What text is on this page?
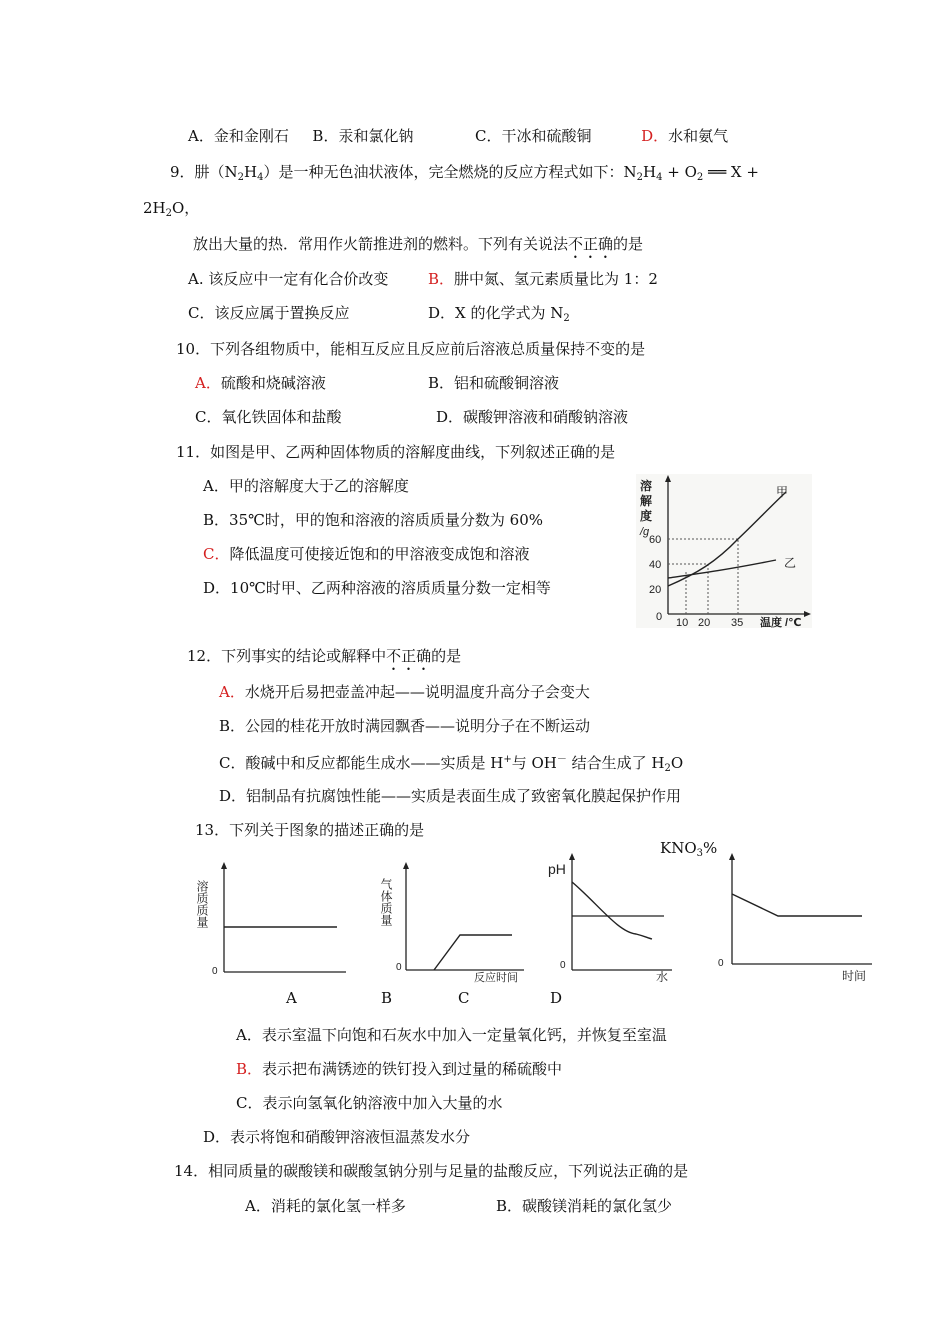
A．金和金刚石 B．汞和氯化钠	C．干冰和硫酸铜	D．水和氨气
9．肼$(N_2H_4)$是一种无色油状液体，完全燃烧的反应方程式如下：$N_2H_4 + O_2$ ══ X +
$2H_2O$，
放出大量的热．常用作火箭推进剂的燃料。下列有关说法不正确的是
A. 该反应中一定有化合价改变	B．肼中氮、氢元素质量比为 1：2
C．该反应属于置换反应	D．X 的化学式为 $N_2$
10．下列各组物质中，能相互反应且反应前后溶液总质量保持不变的是
A．硫酸和烧碱溶液	B．铝和硫酸铜溶液
C．氧化铁固体和盐酸	D．碳酸钾溶液和硝酸钠溶液
11．如图是甲、乙两种固体物质的溶解度曲线，下列叙述正确的是
A．甲的溶解度大于乙的溶解度
B．35℃时，甲的饱和溶液的溶质质量分数为 60%
C．降低温度可使接近饱和的甲溶液变成饱和溶液
D．10℃时甲、乙两种溶液的溶质质量分数一定相等
溶
解
度
/g
60
40
20
0 10 20 35 温度 /℃
甲
乙
12．下列事实的结论或解释中不正确的是
A．水烧开后易把壶盖冲起——说明温度升高分子会变大
B．公园的桂花开放时满园飘香——说明分子在不断运动
C．酸碱中和反应都能生成水——实质是 H+与 OH－ 结合生成了 $H_2O$
D．铝制品有抗腐蚀性能——实质是表面生成了致密氧化膜起保护作用
13．下列关于图象的描述正确的是
$KNO_3\%$
溶质质量
0
气体质量
0
反应时间
pH
0
水
0
时间
A	B	C	D
A．表示室温下向饱和石灰水中加入一定量氧化钙，并恢复至室温
B．表示把布满锈迹的铁钉投入到过量的稀硫酸中
C．表示向氢氧化钠溶液中加入大量的水
D．表示将饱和硝酸钾溶液恒温蒸发水分
14．相同质量的碳酸镁和碳酸氢钠分别与足量的盐酸反应，下列说法正确的是
A．消耗的氯化氢一样多	B．碳酸镁消耗的氯化氢少
